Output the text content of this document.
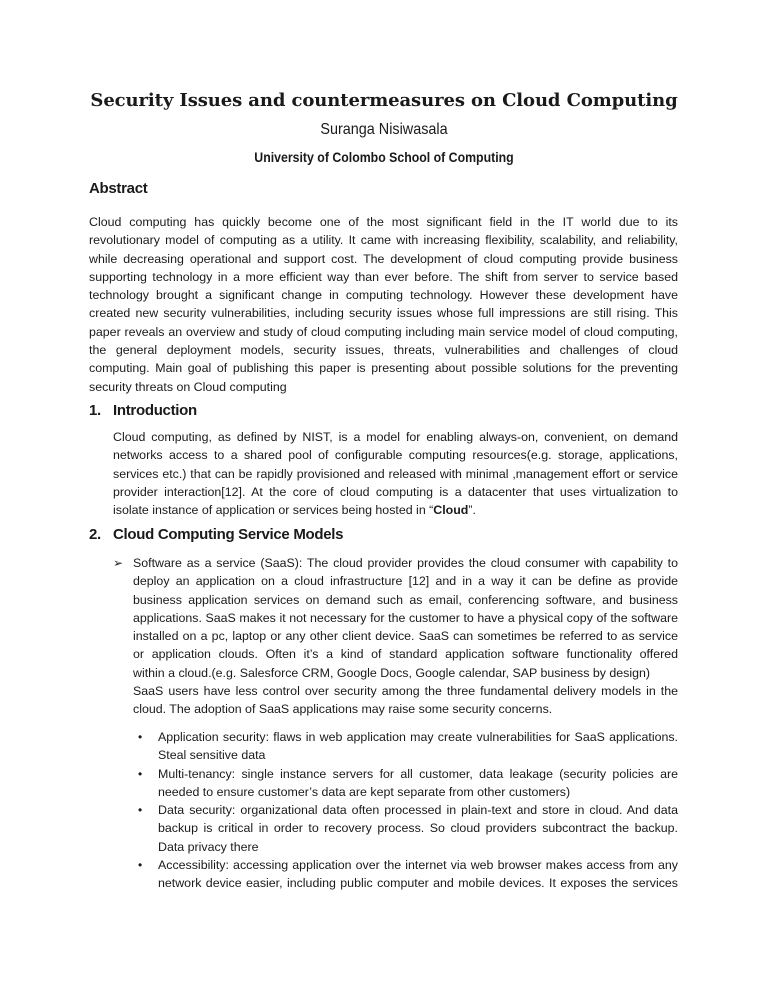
Security Issues and countermeasures on Cloud Computing
Suranga Nisiwasala
University of Colombo School of Computing
Abstract
Cloud computing has quickly become one of the most significant field in the IT world due to its
revolutionary model of computing as a utility. It came with increasing flexibility, scalability, and reliability,
while decreasing operational and support cost. The development of cloud computing provide business
supporting technology in a more efficient way than ever before. The shift from server to service based
technology brought a significant change in computing technology. However these development have
created new security vulnerabilities, including security issues whose full impressions are still rising. This
paper reveals an overview and study of cloud computing including main service model of cloud computing,
the general deployment models, security issues, threats, vulnerabilities and challenges of cloud
computing. Main goal of publishing this paper is presenting about possible solutions for the preventing
security threats on Cloud computing
1. Introduction
Cloud computing, as defined by NIST, is a model for enabling always-on, convenient, on demand
networks access to a shared pool of configurable computing resources(e.g. storage, applications,
services etc.) that can be rapidly provisioned and released with minimal ,management effort or service
provider interaction[12]. At the core of cloud computing is a datacenter that uses virtualization to
isolate instance of application or services being hosted in “Cloud”.
2. Cloud Computing Service Models
➢ Software as a service (SaaS): The cloud provider provides the cloud consumer with capability to
deploy an application on a cloud infrastructure [12] and in a way it can be define as provide
business application services on demand such as email, conferencing software, and business
applications. SaaS makes it not necessary for the customer to have a physical copy of the software
installed on a pc, laptop or any other client device. SaaS can sometimes be referred to as service
or application clouds. Often it’s a kind of standard application software functionality offered
within a cloud.(e.g. Salesforce CRM, Google Docs, Google calendar, SAP business by design)
SaaS users have less control over security among the three fundamental delivery models in the
cloud. The adoption of SaaS applications may raise some security concerns.
• Application security: flaws in web application may create vulnerabilities for SaaS applications.
Steal sensitive data
• Multi-tenancy: single instance servers for all customer, data leakage (security policies are
needed to ensure customer’s data are kept separate from other customers)
• Data security: organizational data often processed in plain-text and store in cloud. And data
backup is critical in order to recovery process. So cloud providers subcontract the backup.
Data privacy there
• Accessibility: accessing application over the internet via web browser makes access from any
network device easier, including public computer and mobile devices. It exposes the services
